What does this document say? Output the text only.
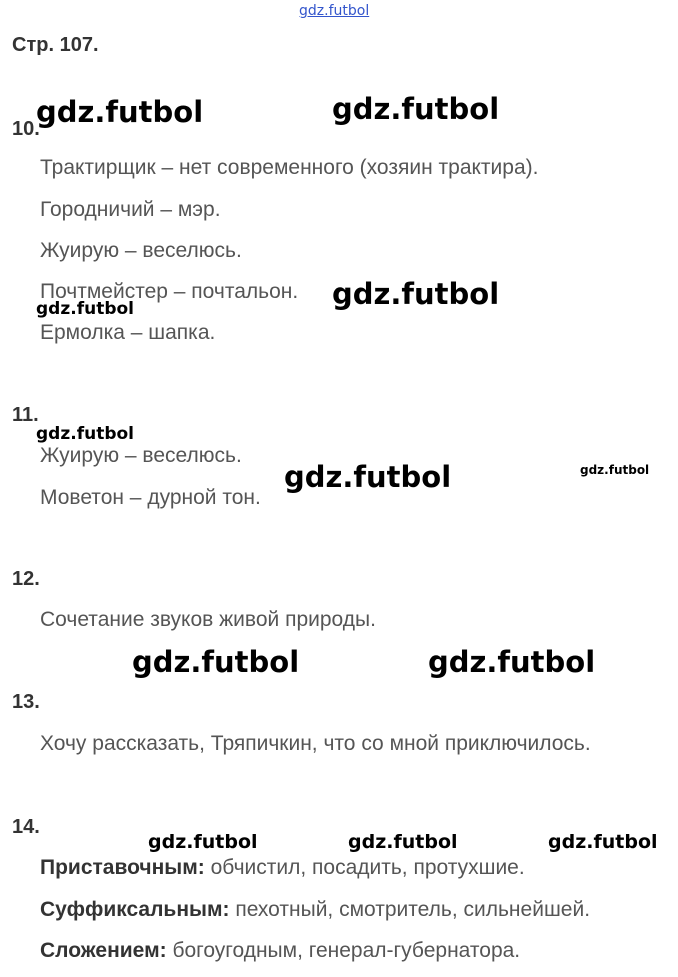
gdz.futbol
Стр. 107.
10.
Трактирщик – нет современного (хозяин трактира).
Городничий – мэр.
Жуирую – веселюсь.
Почтмейстер – почтальон.
Ермолка – шапка.
11.
Жуирую – веселюсь.
Моветон – дурной тон.
12.
Сочетание звуков живой природы.
13.
Хочу рассказать, Тряпичкин, что со мной приключилось.
14.
Приставочным: обчистил, посадить, протухшие.
Суффиксальным: пехотный, смотритель, сильнейшей.
Сложением: богоугодным, генерал-губернатора.
gdz.futbol	gdz.futbol
gdz.futbol
gdz.futbol
gdz.futbol
gdz.futbol	gdz.futbol
gdz.futbol	gdz.futbol
gdz.futbol	gdz.futbol	gdz.futbol
